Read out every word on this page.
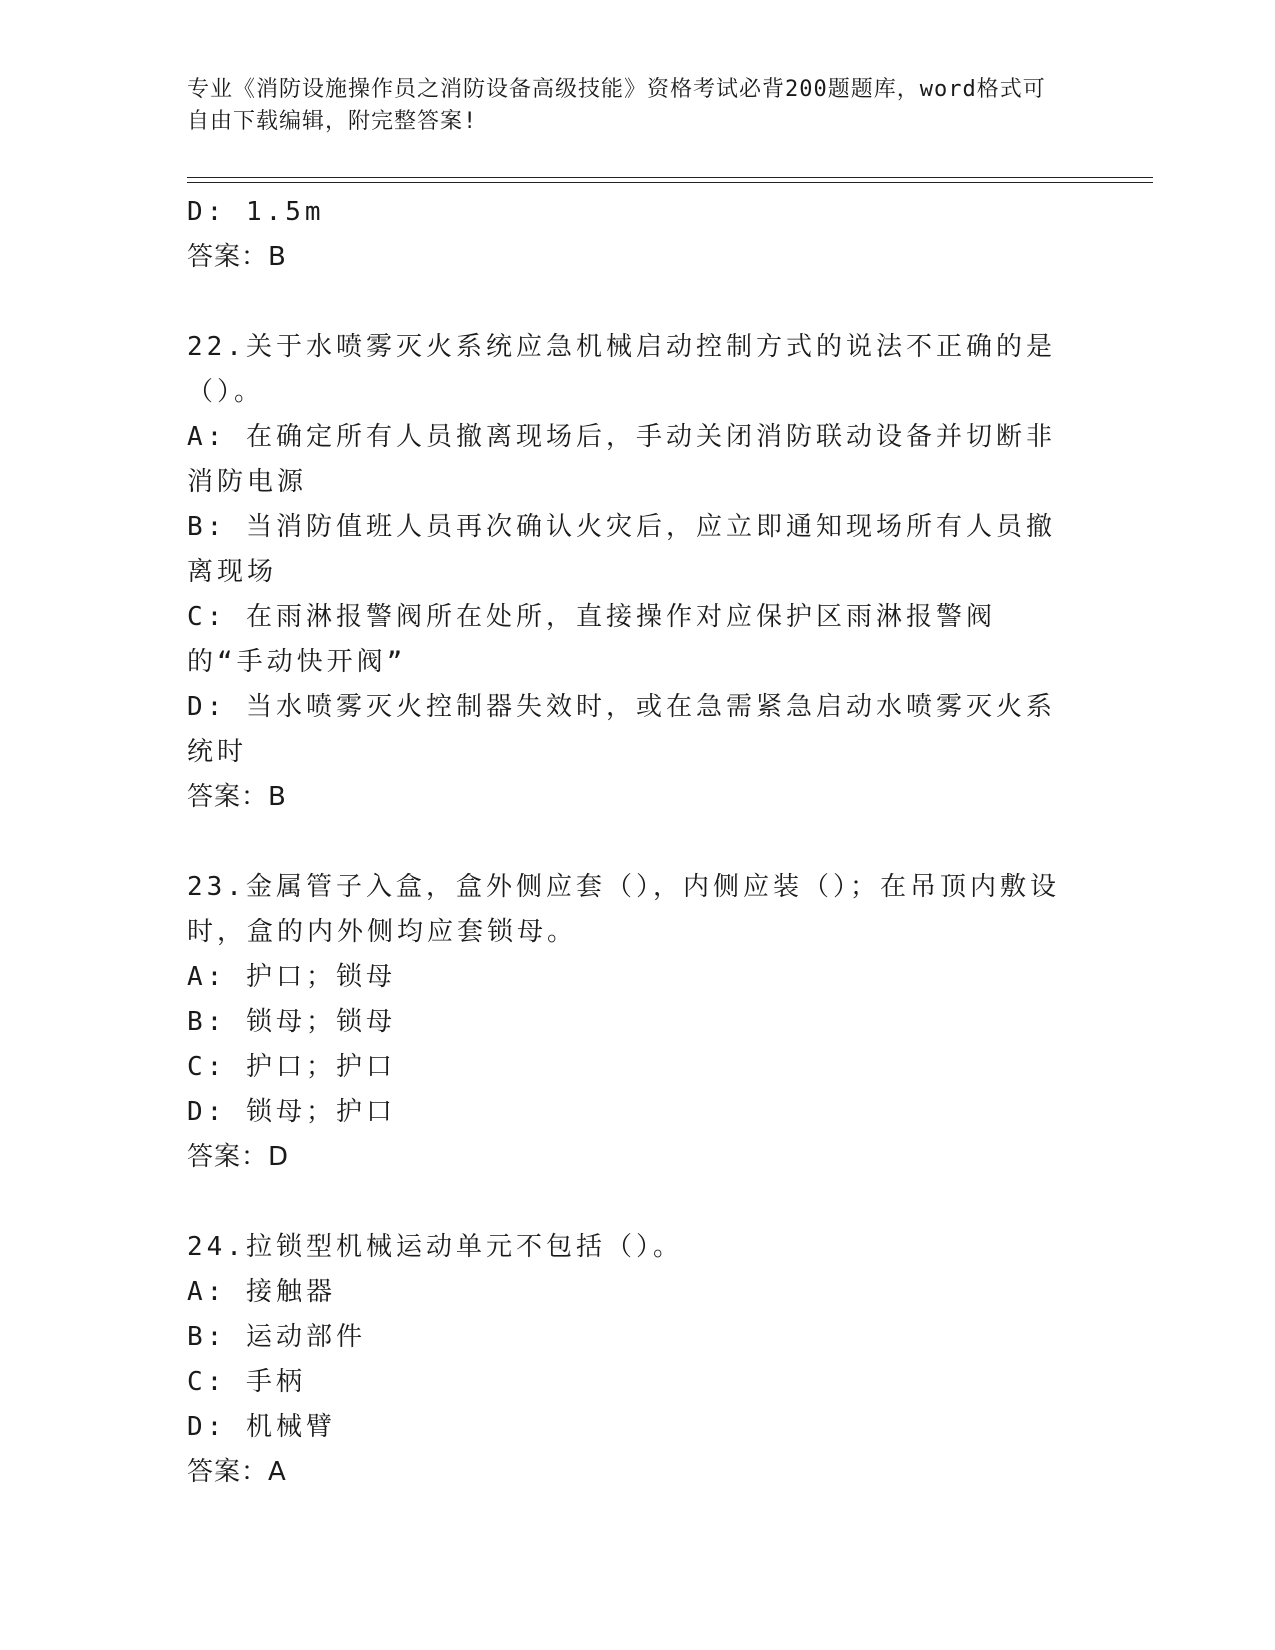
专业《消防设施操作员之消防设备高级技能》资格考试必背200题题库，word格式可自由下载编辑，附完整答案!

D: 1.5m

答案：B

22.关于水喷雾灭火系统应急机械启动控制方式的说法不正确的是（）。

A: 在确定所有人员撤离现场后，手动关闭消防联动设备并切断非消防电源

B: 当消防值班人员再次确认火灾后，应立即通知现场所有人员撤离现场

C: 在雨淋报警阀所在处所，直接操作对应保护区雨淋报警阀的“手动快开阀”

D: 当水喷雾灭火控制器失效时，或在急需紧急启动水喷雾灭火系统时

答案：B

23.金属管子入盒，盒外侧应套（），内侧应装（）；在吊顶内敷设时，盒的内外侧均应套锁母。

A: 护口；锁母

B: 锁母；锁母

C: 护口；护口

D: 锁母；护口

答案：D

24.拉锁型机械运动单元不包括（）。

A: 接触器

B: 运动部件

C: 手柄

D: 机械臂

答案：A
